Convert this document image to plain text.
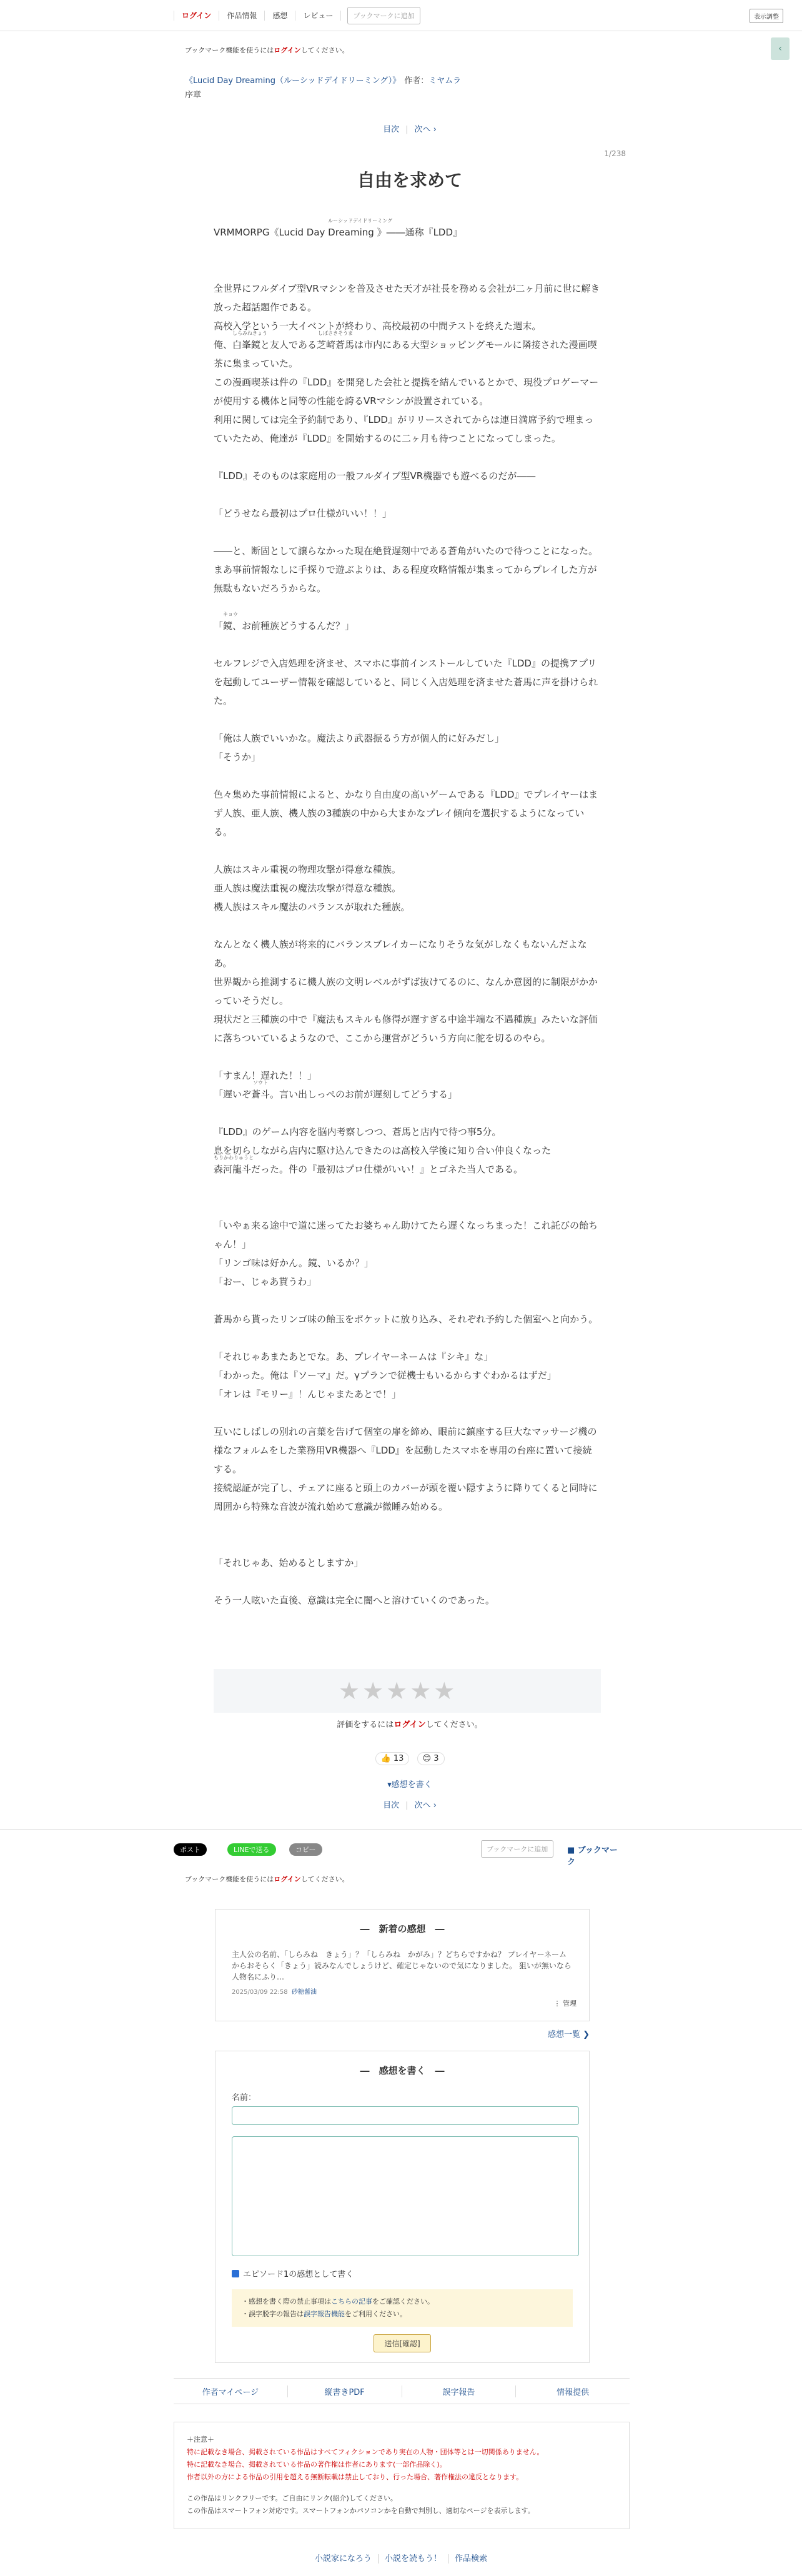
ログイン	作品情報	感想	レビュー	ブックマークに追加	表示調整
‹
ブックマーク機能を使うにはログインしてください。
《Lucid Day Dreaming（ルーシッドデイドリーミング）》 作者：ミヤムラ
序章
目次 | 次へ ›
1/238
自由を求めて

VRMMORPG《Lucid Day
ルーシッドデイドリーミング
Dreaming 》――通称『LDD』

全世界にフルダイブ型VRマシンを普及させた天才が社長を務める会社が二ヶ月前に世に解き放った超話題作である。

高校入学という一大イベントが終わり、高校最初の中間テストを終えた週末。

俺、
しらみねきょう
白峯鏡と友人である
しばさきそうま
芝崎蒼馬は市内にある大型ショッピングモールに隣接された漫画喫茶に集まっていた。

この漫画喫茶は件の『LDD』を開発した会社と提携を結んでいるとかで、現役プロゲーマーが使用する機体と同等の性能を誇るVRマシンが設置されている。

利用に関しては完全予約制であり、『LDD』がリリースされてからは連日満席予約で埋まっていたため、俺達が『LDD』を開始するのに二ヶ月も待つことになってしまった。

『LDD』そのものは家庭用の一般フルダイブ型VR機器でも遊べるのだが――

「どうせなら最初はプロ仕様がいい！！」

――と、断固として譲らなかった現在絶賛遅刻中である蒼角がいたので待つことになった。

まあ事前情報なしに手探りで遊ぶよりは、ある程度攻略情報が集まってからプレイした方が無駄もないだろうからな。

「
キョウ
鏡、お前種族どうするんだ？」

セルフレジで入店処理を済ませ、スマホに事前インストールしていた『LDD』の提携アプリを起動してユーザー情報を確認していると、同じく入店処理を済ませた蒼馬に声を掛けられた。

「俺は人族でいいかな。魔法より武器振るう方が個人的に好みだし」

「そうか」

色々集めた事前情報によると、かなり自由度の高いゲームである『LDD』でプレイヤーはまず人族、亜人族、機人族の3種族の中から大まかなプレイ傾向を選択するようになっている。

人族はスキル重視の物理攻撃が得意な種族。

亜人族は魔法重視の魔法攻撃が得意な種族。

機人族はスキル魔法のバランスが取れた種族。

なんとなく機人族が将来的にバランスブレイカーになりそうな気がしなくもないんだよなあ。

世界観から推測するに機人族の文明レベルがずば抜けてるのに、なんか意図的に制限がかかっていそうだし。

現状だと三種族の中で『魔法もスキルも修得が遅すぎる中途半端な不遇種族』みたいな評価に落ちついているようなので、ここから運営がどういう方向に舵を切るのやら。

「すまん！遅れた！！」

「遅いぞ
ソウト
蒼斗。言い出しっぺのお前が遅刻してどうする」

『LDD』のゲーム内容を脳内考察しつつ、蒼馬と店内で待つ事5分。

息を切らしながら店内に駆け込んできたのは高校入学後に知り合い仲良くなった

もりかわりゅうと
森河龍斗だった。件の『最初はプロ仕様がいい！』とゴネた当人である。

「いやぁ来る途中で道に迷ってたお婆ちゃん助けてたら遅くなっちまった！これ託びの飴ちゃん！」

「リンゴ味は好かん。鏡、いるか？」

「おー、じゃあ貰うわ」

蒼馬から貰ったリンゴ味の飴玉をポケットに放り込み、それぞれ予約した個室へと向かう。

「それじゃあまたあとでな。あ、プレイヤーネームは『シキ』な」

「わかった。俺は『ソーマ』だ。γプランで従機士もいるからすぐわかるはずだ」

「オレは『モリー』！んじゃまたあとで！」

互いにしばしの別れの言葉を告げて個室の扉を締め、眼前に鎮座する巨大なマッサージ機の様なフォルムをした業務用VR機器へ『LDD』を起動したスマホを専用の台座に置いて接続する。

接続認証が完了し、チェアに座ると頭上のカバーが頭を覆い隠すように降りてくると同時に周囲から特殊な音波が流れ始めて意識が微睡み始める。

「それじゃあ、始めるとしますか」

そう一人呟いた直後、意識は完全に闇へと溶けていくのであった。

★★★★★
評価をするにはログインしてください。
👍 13 😊 3
▾感想を書く
目次 | 次へ ›
ポスト	LINEで送る	コピー	ブックマークに追加	■ ブックマーク
ブックマーク機能を使うにはログインしてください。
―　新着の感想　―
主人公の名前、「しらみね　きょう」？「しらみね　かがみ」？どちらですかね？ プレイヤーネームからおそらく「きょう」読みなんでしょうけど、確定じゃないので気になりました。 狙いが無いなら人物名にふり…
2025/03/09 22:58 砂糖醤油
⋮ 管理
感想一覧 ❯
―　感想を書く　―
名前：
エピソード1の感想として書く
・感想を書く際の禁止事項はこちらの記事をご確認ください。
・誤字脱字の報告は誤字報告機能をご利用ください。
送信[確認]
作者マイページ	縦書きPDF	誤字報告	情報提供
＋注意＋
特に記載なき場合、掲載されている作品はすべてフィクションであり実在の人物・団体等とは一切関係ありません。
特に記載なき場合、掲載されている作品の著作権は作者にあります(一部作品除く)。
作者以外の方による作品の引用を超える無断転載は禁止しており、行った場合、著作権法の違反となります。
この作品はリンクフリーです。ご自由にリンク(紹介)してください。
この作品はスマートフォン対応です。スマートフォンかパソコンかを自動で判別し、適切なページを表示します。
小説家になろう 小説を読もう！ 作品検索
